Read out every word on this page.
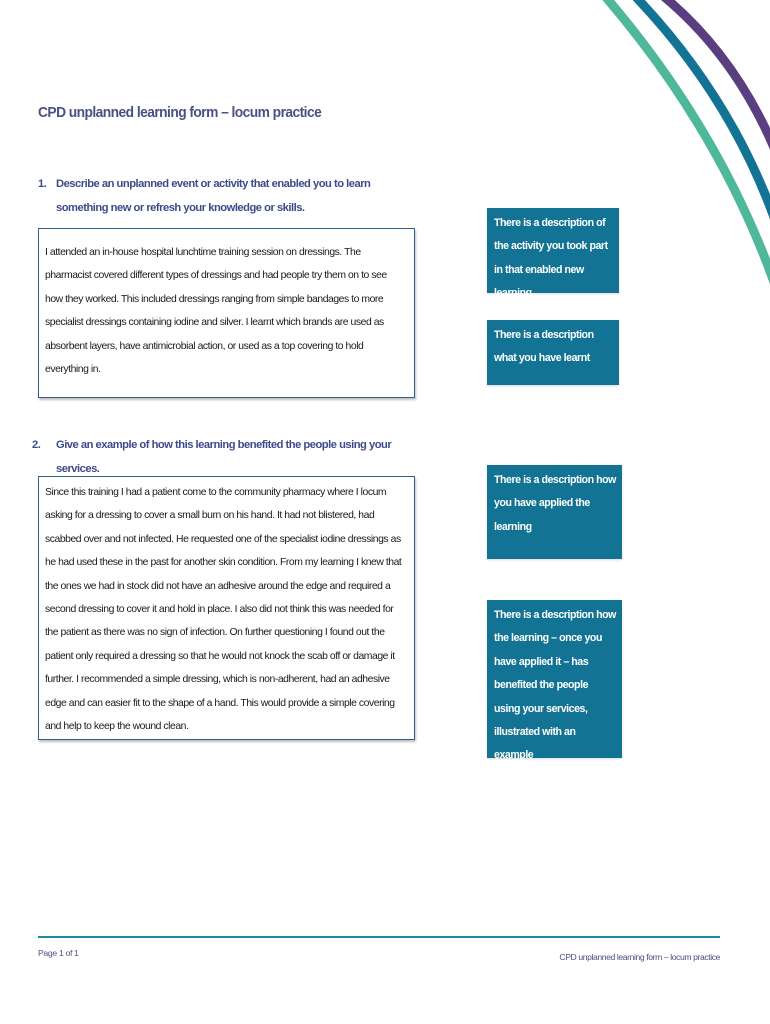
CPD unplanned learning form – locum practice
1. Describe an unplanned event or activity that enabled you to learn something new or refresh your knowledge or skills.

I attended an in-house hospital lunchtime training session on dressings. The pharmacist covered different types of dressings and had people try them on to see how they worked. This included dressings ranging from simple bandages to more specialist dressings containing iodine and silver. I learnt which brands are used as absorbent layers, have antimicrobial action, or used as a top covering to hold everything in.

2. Give an example of how this learning benefited the people using your services.

Since this training I had a patient come to the community pharmacy where I locum asking for a dressing to cover a small burn on his hand. It had not blistered, had scabbed over and not infected. He requested one of the specialist iodine dressings as he had used these in the past for another skin condition. From my learning I knew that the ones we had in stock did not have an adhesive around the edge and required a second dressing to cover it and hold in place. I also did not think this was needed for the patient as there was no sign of infection. On further questioning I found out the patient only required a dressing so that he would not knock the scab off or damage it further. I recommended a simple dressing, which is non-adherent, had an adhesive edge and can easier fit to the shape of a hand. This would provide a simple covering and help to keep the wound clean.

There is a description of the activity you took part in that enabled new learning
There is a description what you have learnt
There is a description how you have applied the learning
There is a description how the learning – once you have applied it – has benefited the people using your services, illustrated with an example
Page 1 of 1	CPD unplanned learning form – locum practice
